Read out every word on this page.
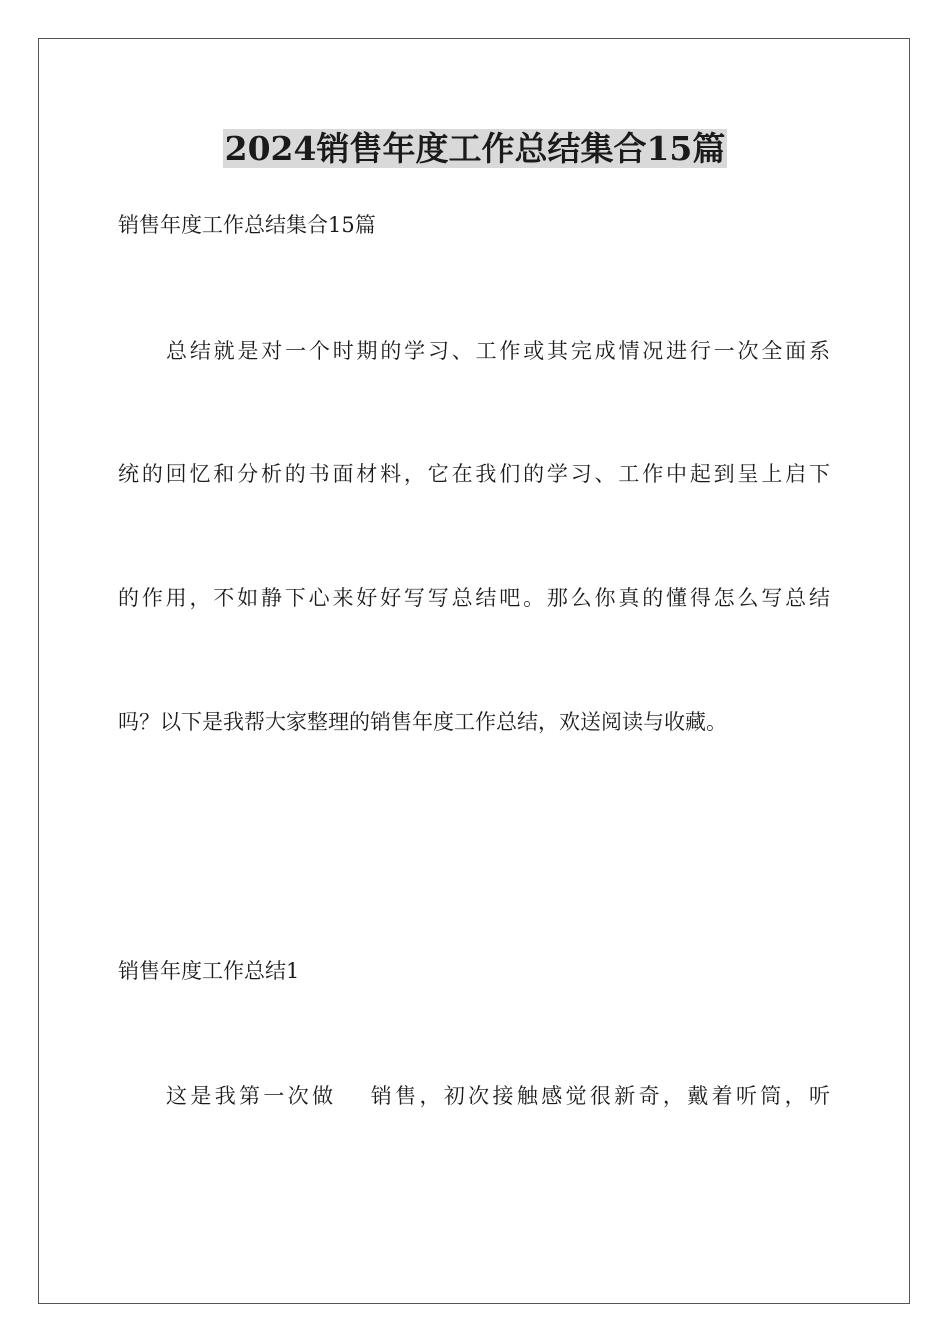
2024销售年度工作总结集合15篇
销售年度工作总结集合15篇
总结就是对一个时期的学习、工作或其完成情况进行一次全面系
统的回忆和分析的书面材料，它在我们的学习、工作中起到呈上启下
的作用，不如静下心来好好写写总结吧。那么你真的懂得怎么写总结
吗？以下是我帮大家整理的销售年度工作总结，欢送阅读与收藏。
销售年度工作总结1
这是我第一次做　 销售，初次接触感觉很新奇，戴着听筒，听
